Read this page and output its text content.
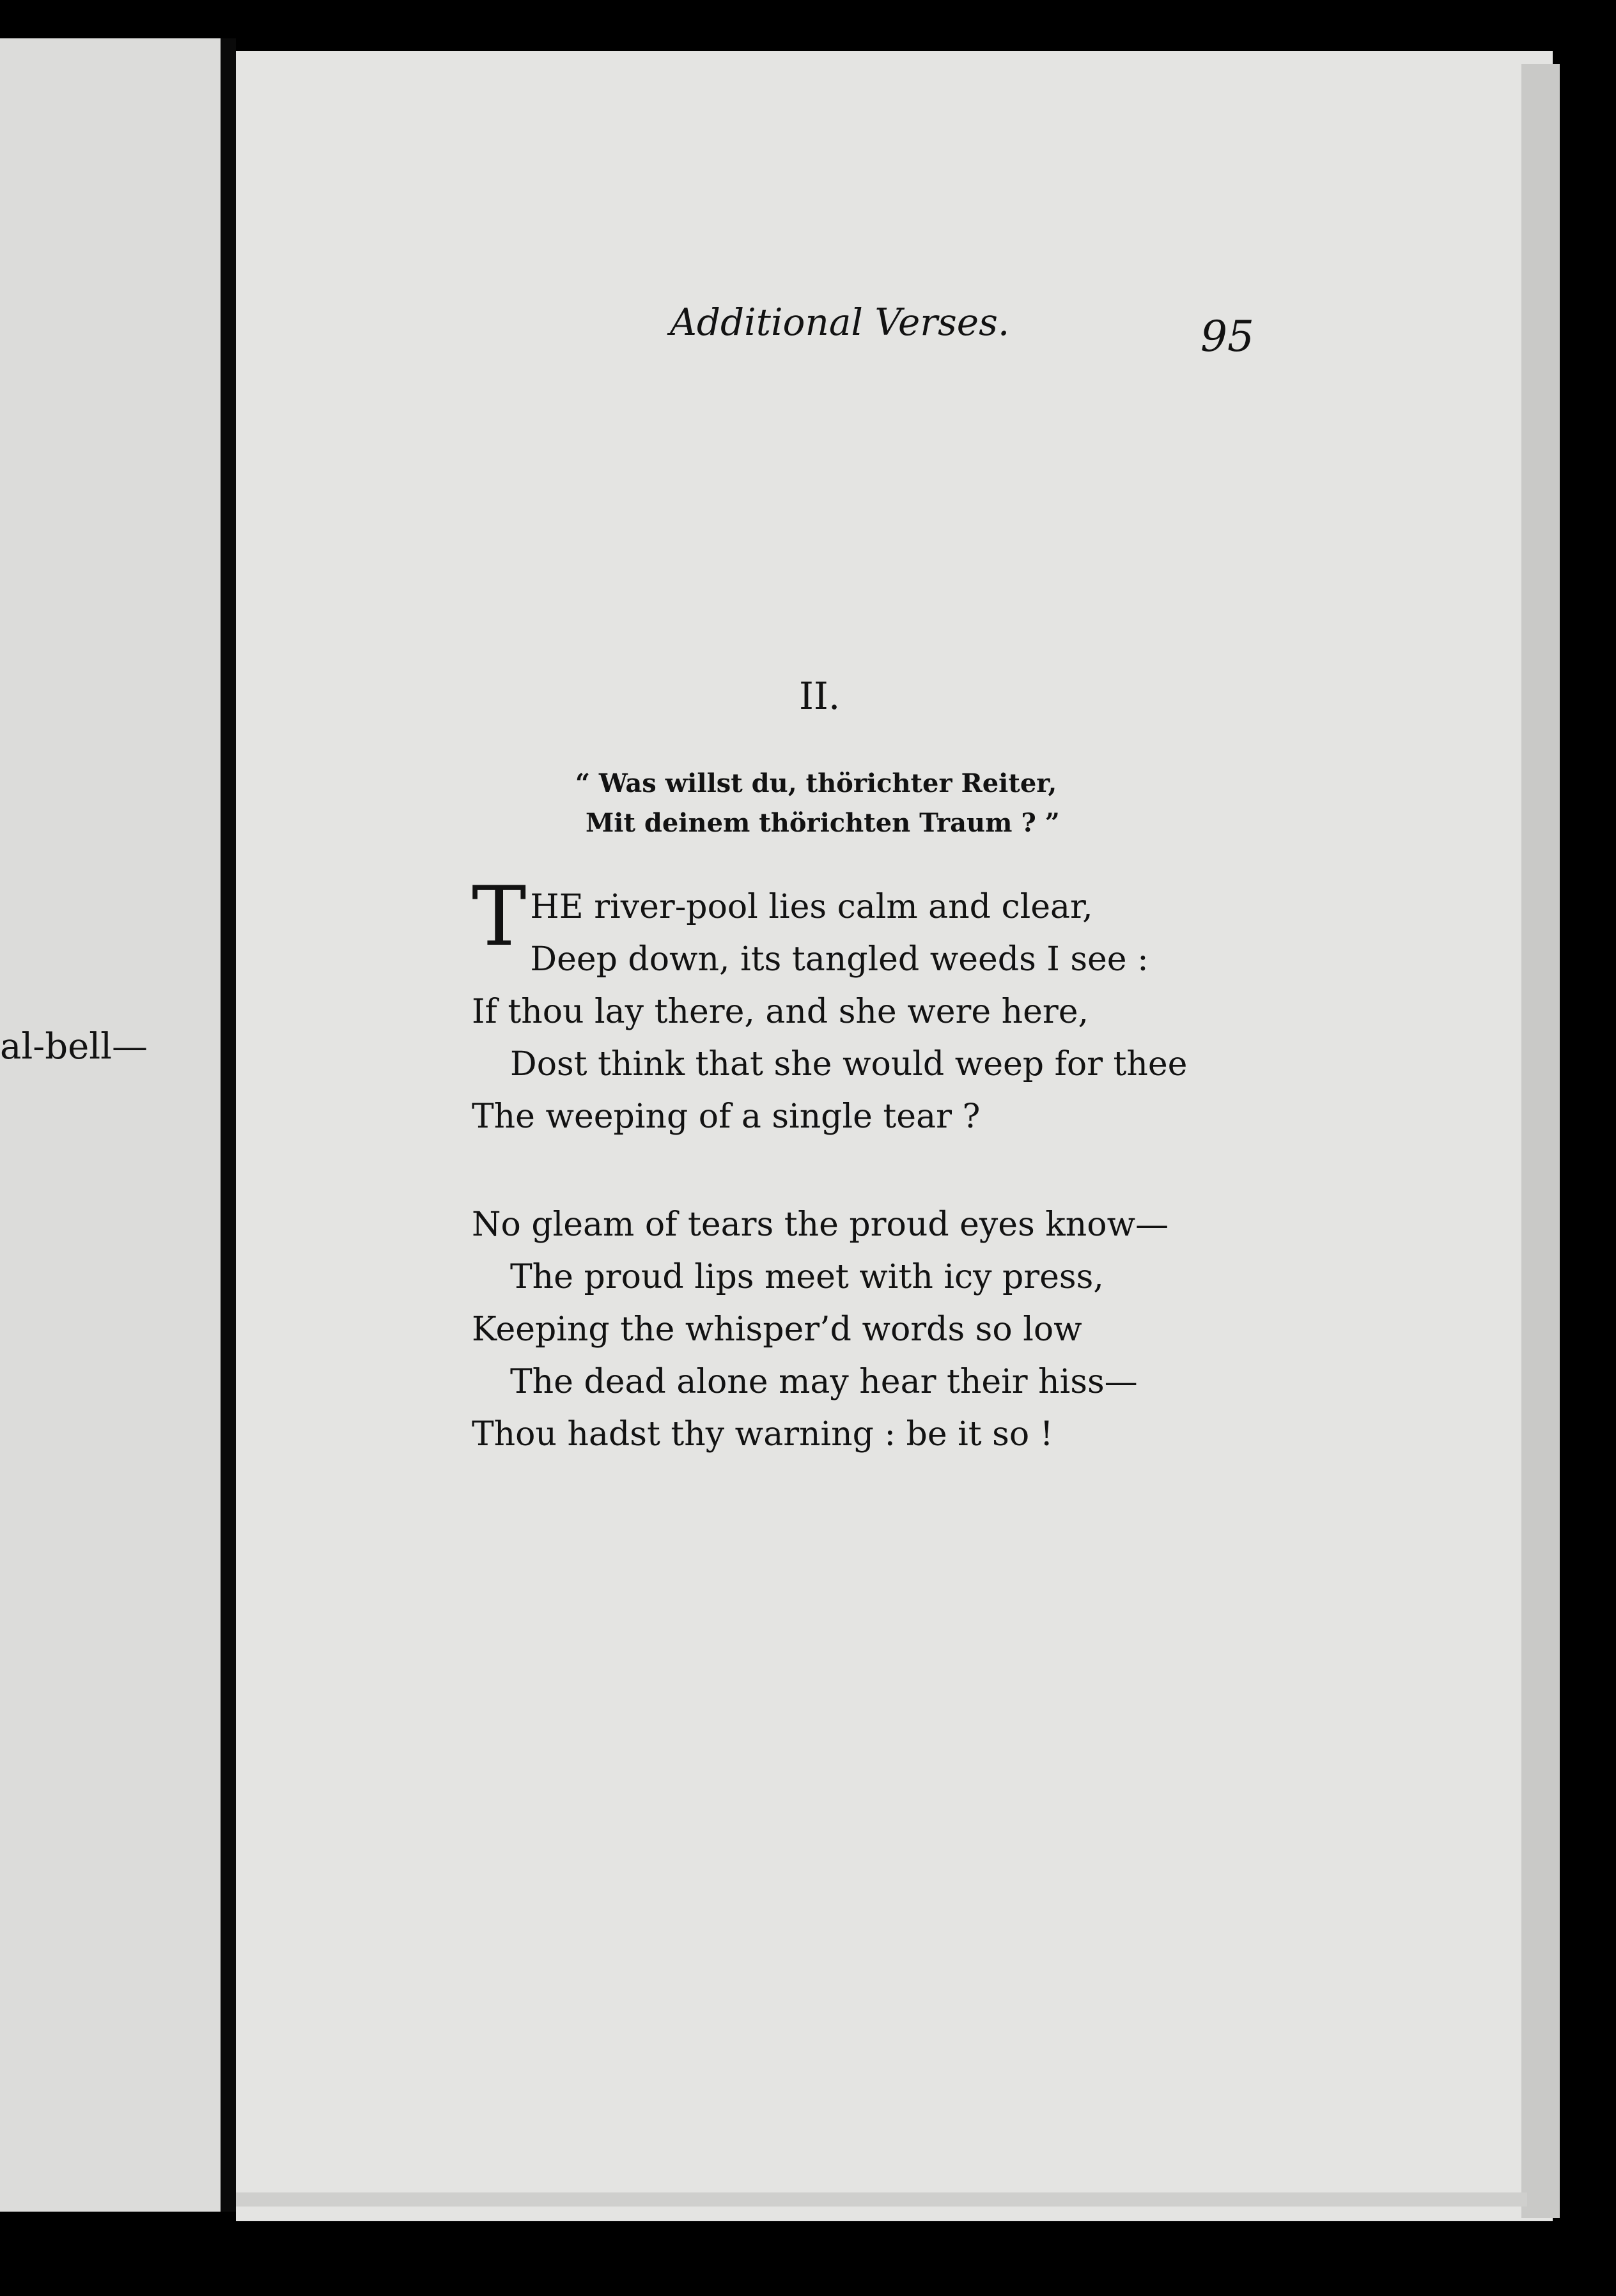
al-bell—
Additional Verses.	95
II.
“ Was willst du, thörichter Reiter,
Mit deinem thörichten Traum ? ”
T HE river-pool lies calm and clear,
Deep down, its tangled weeds I see :
If thou lay there, and she were here,
Dost think that she would weep for thee
The weeping of a single tear ?
No gleam of tears the proud eyes know—
The proud lips meet with icy press,
Keeping the whisper’d words so low
The dead alone may hear their hiss—
Thou hadst thy warning : be it so !
